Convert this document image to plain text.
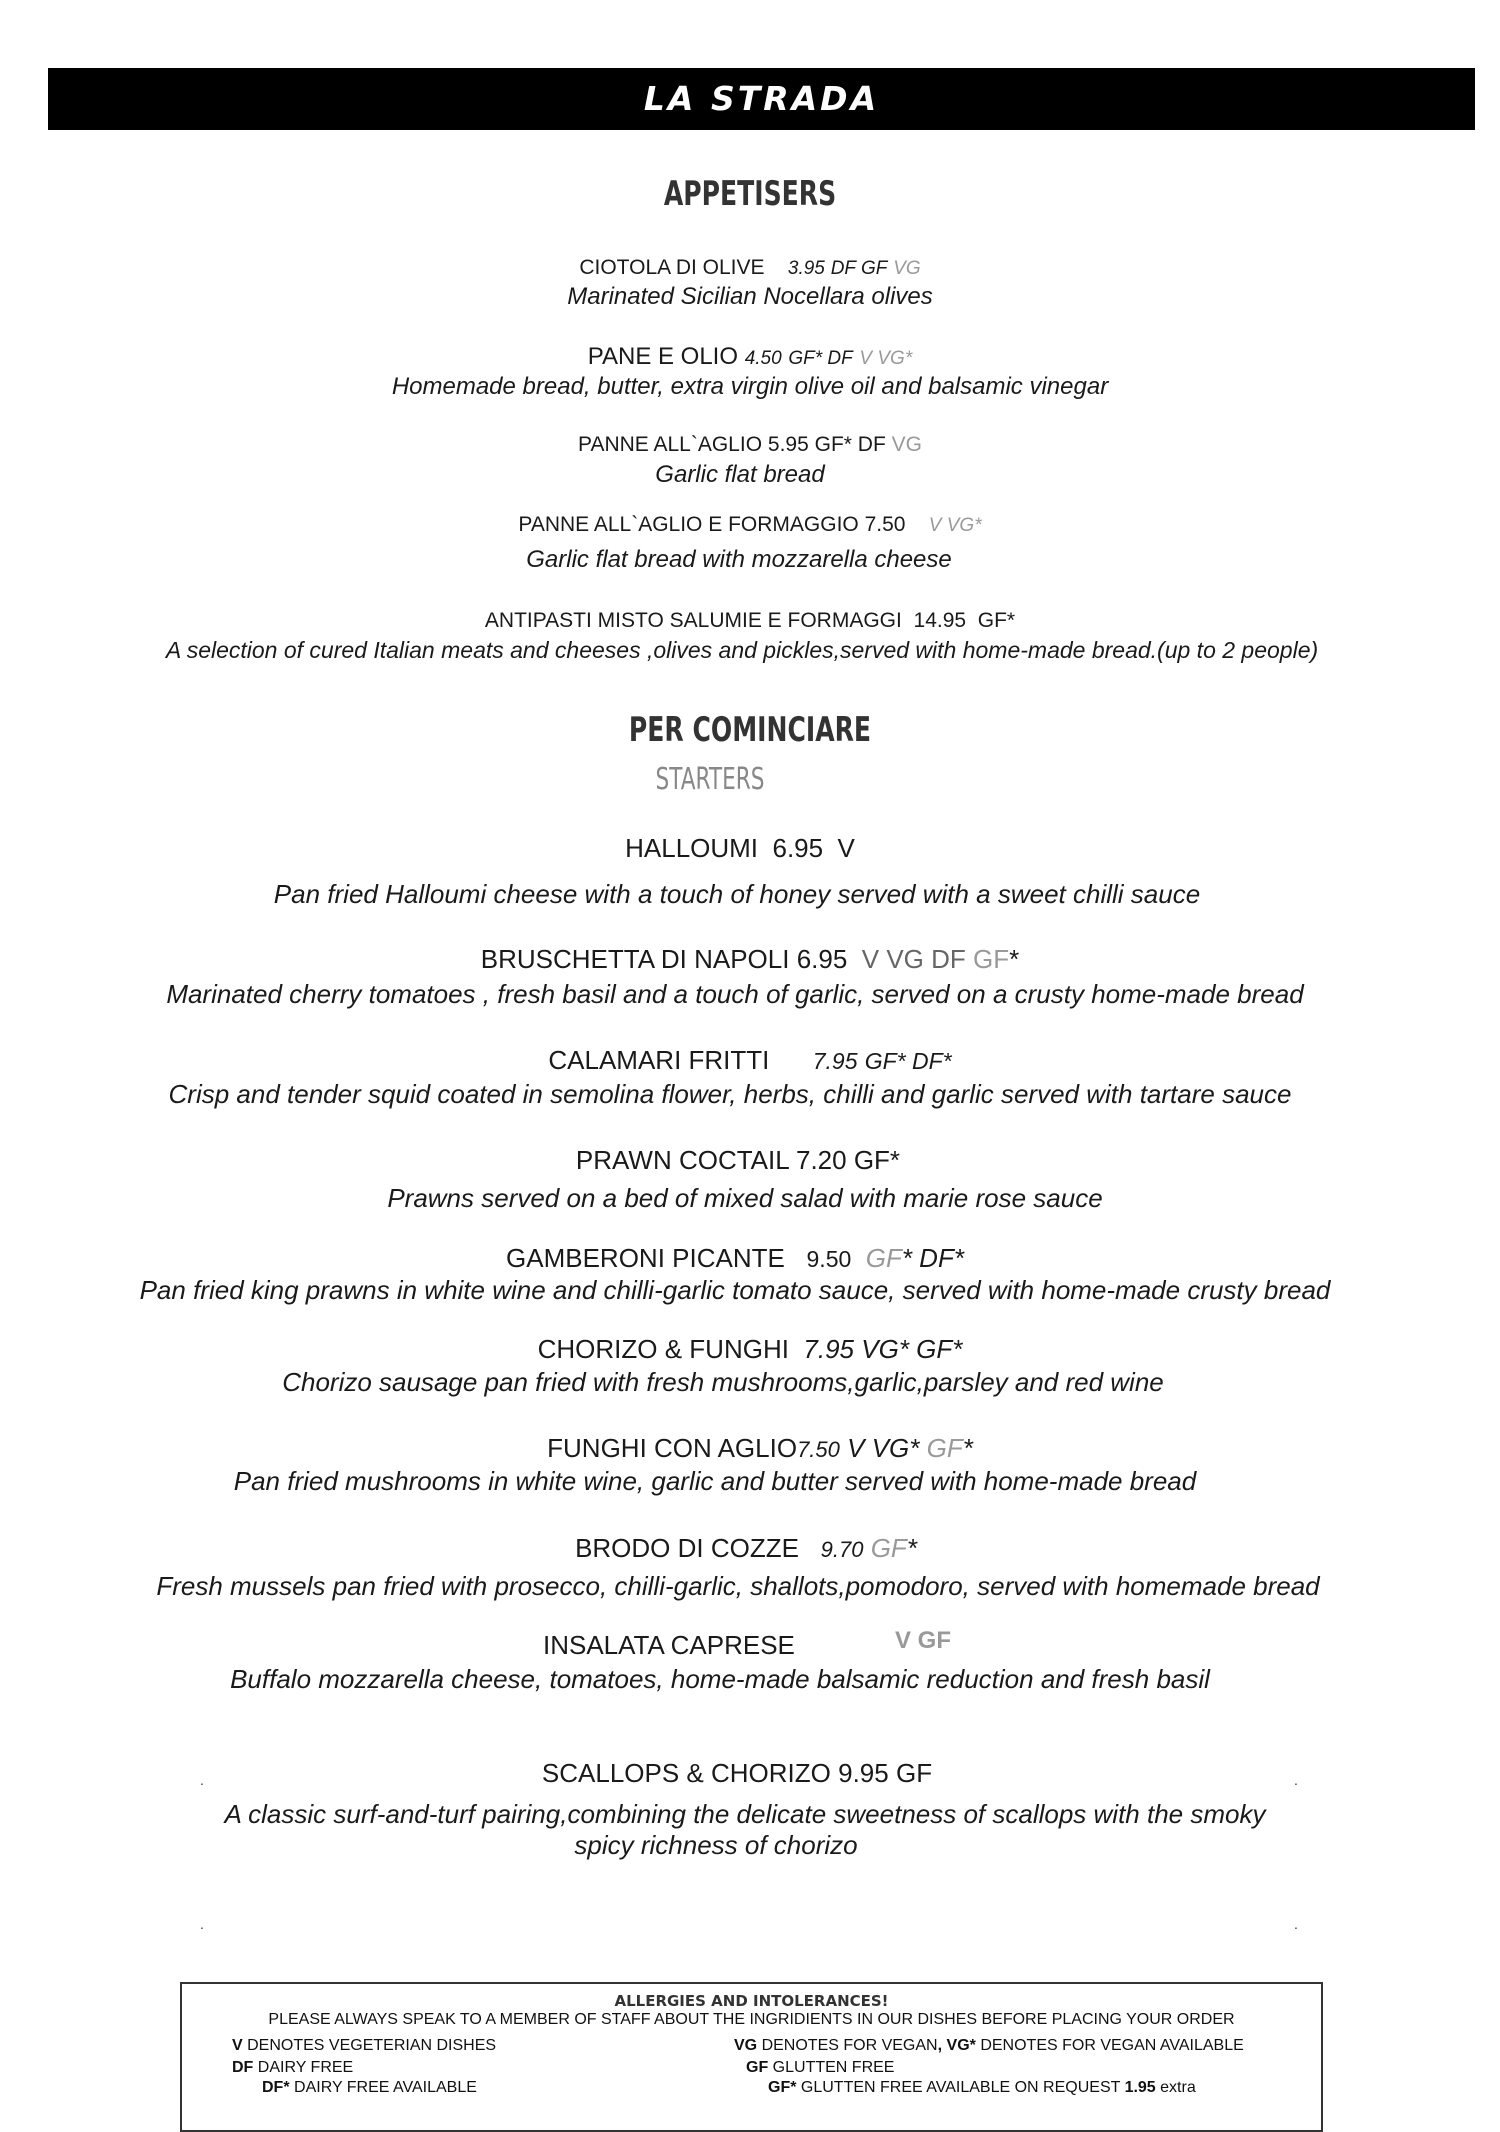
LA STRADA
APPETISERS
CIOTOLA DI OLIVE 3.95 DF GF VG
Marinated Sicilian Nocellara olives
PANE E OLIO 4.50 GF* DF V VG*
Homemade bread, butter, extra virgin olive oil and balsamic vinegar
PANNE ALL`AGLIO 5.95 GF* DF VG
Garlic flat bread
PANNE ALL`AGLIO E FORMAGGIO 7.50 V VG*
Garlic flat bread with mozzarella cheese
ANTIPASTI MISTO SALUMIE E FORMAGGI 14.95 GF*
A selection of cured Italian meats and cheeses ,olives and pickles,served with home-made bread.(up to 2 people)
PER COMINCIARE
STARTERS
HALLOUMI 6.95 V
Pan fried Halloumi cheese with a touch of honey served with a sweet chilli sauce
BRUSCHETTA DI NAPOLI 6.95 V VG DF GF*
Marinated cherry tomatoes , fresh basil and a touch of garlic, served on a crusty home-made bread
CALAMARI FRITTI 7.95 GF* DF*
Crisp and tender squid coated in semolina flower, herbs, chilli and garlic served with tartare sauce
PRAWN COCTAIL 7.20 GF*
Prawns served on a bed of mixed salad with marie rose sauce
GAMBERONI PICANTE 9.50 GF* DF*
Pan fried king prawns in white wine and chilli-garlic tomato sauce, served with home-made crusty bread
CHORIZO & FUNGHI 7.95 VG* GF*
Chorizo sausage pan fried with fresh mushrooms,garlic,parsley and red wine
FUNGHI CON AGLIO7.50 V VG* GF*
Pan fried mushrooms in white wine, garlic and butter served with home-made bread
BRODO DI COZZE 9.70 GF*
Fresh mussels pan fried with prosecco, chilli-garlic, shallots,pomodoro, served with homemade bread
INSALATA CAPRESE	V GF
Buffalo mozzarella cheese, tomatoes, home-made balsamic reduction and fresh basil
.	.
SCALLOPS & CHORIZO 9.95 GF
A classic surf-and-turf pairing,combining the delicate sweetness of scallops with the smoky
spicy richness of chorizo
.	.
ALLERGIES AND INTOLERANCES!
PLEASE ALWAYS SPEAK TO A MEMBER OF STAFF ABOUT THE INGRIDIENTS IN OUR DISHES BEFORE PLACING YOUR ORDER
V DENOTES VEGETERIAN DISHES
DF DAIRY FREE
DF* DAIRY FREE AVAILABLE
VG DENOTES FOR VEGAN, VG* DENOTES FOR VEGAN AVAILABLE
GF GLUTTEN FREE
GF* GLUTTEN FREE AVAILABLE ON REQUEST 1.95 extra
